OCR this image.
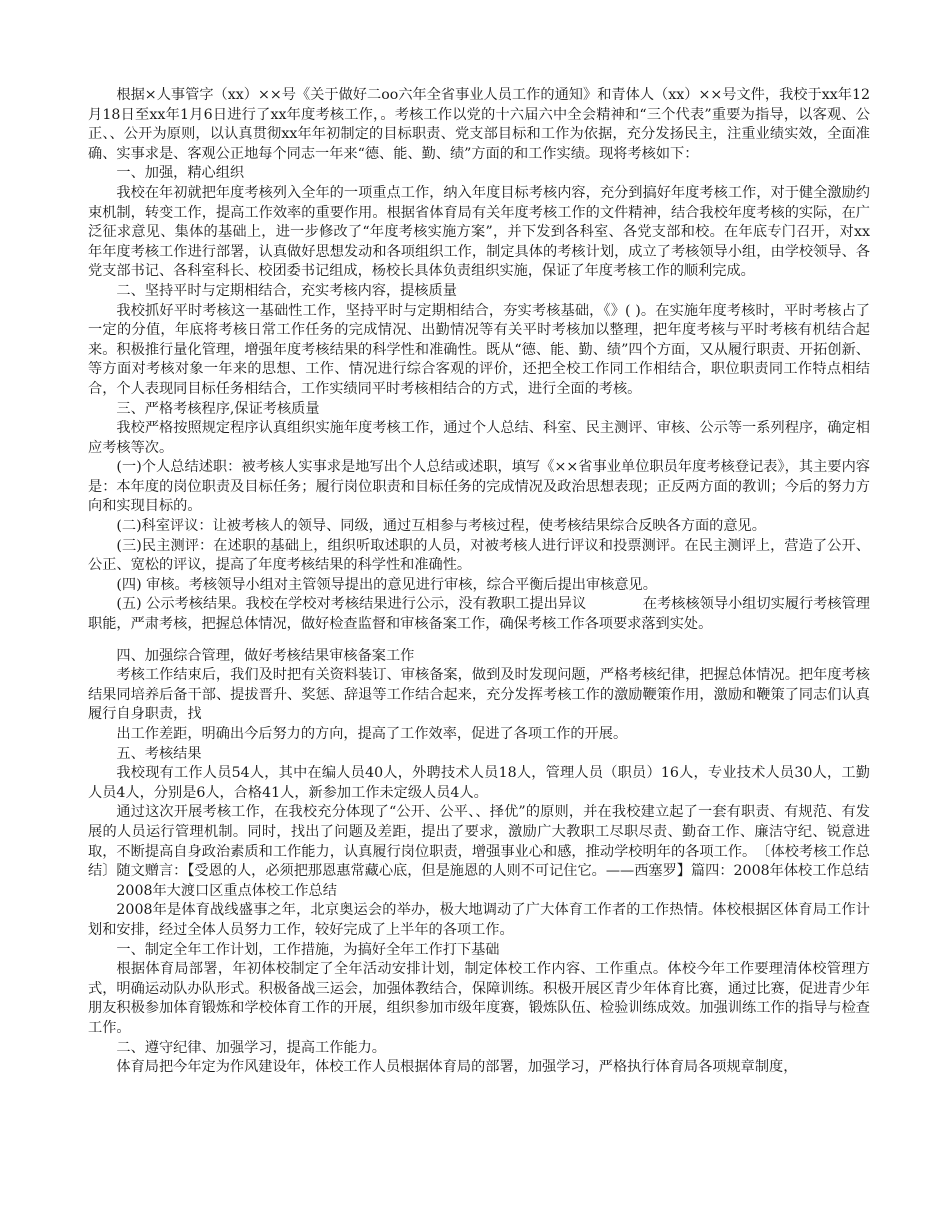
根据×人事管字（xx）××号《关于做好二oo六年全省事业人员工作的通知》和青体人（xx）××号文件，我校于xx年12月18日至xx年1月6日进行了xx年度考核工作，。考核工作以党的十六届六中全会精神和“三个代表”重要为指导，以客观、公正、、公开为原则，以认真贯彻xx年年初制定的目标职责、党支部目标和工作为依据，充分发扬民主，注重业绩实效，全面准确、实事求是、客观公正地每个同志一年来“德、能、勤、绩”方面的和工作实绩。现将考核如下：

一、加强，精心组织

我校在年初就把年度考核列入全年的一项重点工作，纳入年度目标考核内容，充分到搞好年度考核工作，对于健全激励约束机制，转变工作，提高工作效率的重要作用。根据省体育局有关年度考核工作的文件精神，结合我校年度考核的实际，在广泛征求意见、集体的基础上，进一步修改了“年度考核实施方案”，并下发到各科室、各党支部和校。在年底专门召开，对xx年年度考核工作进行部署，认真做好思想发动和各项组织工作，制定具体的考核计划，成立了考核领导小组，由学校领导、各党支部书记、各科室科长、校团委书记组成，杨校长具体负责组织实施，保证了年度考核工作的顺利完成。

二、坚持平时与定期相结合，充实考核内容，提核质量

我校抓好平时考核这一基础性工作，坚持平时与定期相结合，夯实考核基础，《》( )。在实施年度考核时，平时考核占了一定的分值，年底将考核日常工作任务的完成情况、出勤情况等有关平时考核加以整理，把年度考核与平时考核有机结合起来。积极推行量化管理，增强年度考核结果的科学性和准确性。既从“德、能、勤、绩”四个方面，又从履行职责、开拓创新、等方面对考核对象一年来的思想、工作、情况进行综合客观的评价，还把全校工作同工作相结合，职位职责同工作特点相结合，个人表现同目标任务相结合，工作实绩同平时考核相结合的方式，进行全面的考核。

三、严格考核程序,保证考核质量

我校严格按照规定程序认真组织实施年度考核工作，通过个人总结、科室、民主测评、审核、公示等一系列程序，确定相应考核等次。

(一)个人总结述职：被考核人实事求是地写出个人总结或述职，填写《××省事业单位职员年度考核登记表》，其主要内容是：本年度的岗位职责及目标任务；履行岗位职责和目标任务的完成情况及政治思想表现；正反两方面的教训；今后的努力方向和实现目标的。

(二)科室评议：让被考核人的领导、同级，通过互相参与考核过程，使考核结果综合反映各方面的意见。

(三)民主测评：在述职的基础上，组织听取述职的人员，对被考核人进行评议和投票测评。在民主测评上，营造了公开、公正、宽松的评议，提高了年度考核结果的科学性和准确性。

(四) 审核。考核领导小组对主管领导提出的意见进行审核，综合平衡后提出审核意见。

(五) 公示考核结果。我校在学校对考核结果进行公示，没有教职工提出异议　　　　在考核核领导小组切实履行考核管理职能，严肃考核，把握总体情况，做好检查监督和审核备案工作，确保考核工作各项要求落到实处。

四、加强综合管理，做好考核结果审核备案工作

考核工作结束后，我们及时把有关资料装订、审核备案，做到及时发现问题，严格考核纪律，把握总体情况。把年度考核结果同培养后备干部、提拔晋升、奖惩、辞退等工作结合起来，充分发挥考核工作的激励鞭策作用，激励和鞭策了同志们认真履行自身职责，找

出工作差距，明确出今后努力的方向，提高了工作效率，促进了各项工作的开展。

五、考核结果

我校现有工作人员54人，其中在编人员40人，外聘技术人员18人，管理人员（职员）16人，专业技术人员30人，工勤人员4人，分别是6人，合格41人，新参加工作未定级人员4人。

通过这次开展考核工作，在我校充分体现了“公开、公平、、择优”的原则，并在我校建立起了一套有职责、有规范、有发展的人员运行管理机制。同时，找出了问题及差距，提出了要求，激励广大教职工尽职尽责、勤奋工作、廉洁守纪、锐意进取，不断提高自身政治素质和工作能力，认真履行岗位职责，增强事业心和感，推动学校明年的各项工作。　〔体校考核工作总结〕随文赠言：【受恩的人，必须把那恩惠常藏心底，但是施恩的人则不可记住它。——西塞罗】篇四：2008年体校工作总结

2008年大渡口区重点体校工作总结

2008年是体育战线盛事之年，北京奥运会的举办，极大地调动了广大体育工作者的工作热情。体校根据区体育局工作计划和安排，经过全体人员努力工作，较好完成了上半年的各项工作。

一、制定全年工作计划，工作措施，为搞好全年工作打下基础

根据体育局部署，年初体校制定了全年活动安排计划，制定体校工作内容、工作重点。体校今年工作要理清体校管理方式，明确运动队办队形式。积极备战三运会，加强体教结合，保障训练。积极开展区青少年体育比赛，通过比赛，促进青少年朋友积极参加体育锻炼和学校体育工作的开展，组织参加市级年度赛，锻炼队伍、检验训练成效。加强训练工作的指导与检查工作。

二、遵守纪律、加强学习，提高工作能力。

体育局把今年定为作风建设年，体校工作人员根据体育局的部署，加强学习，严格执行体育局各项规章制度，
